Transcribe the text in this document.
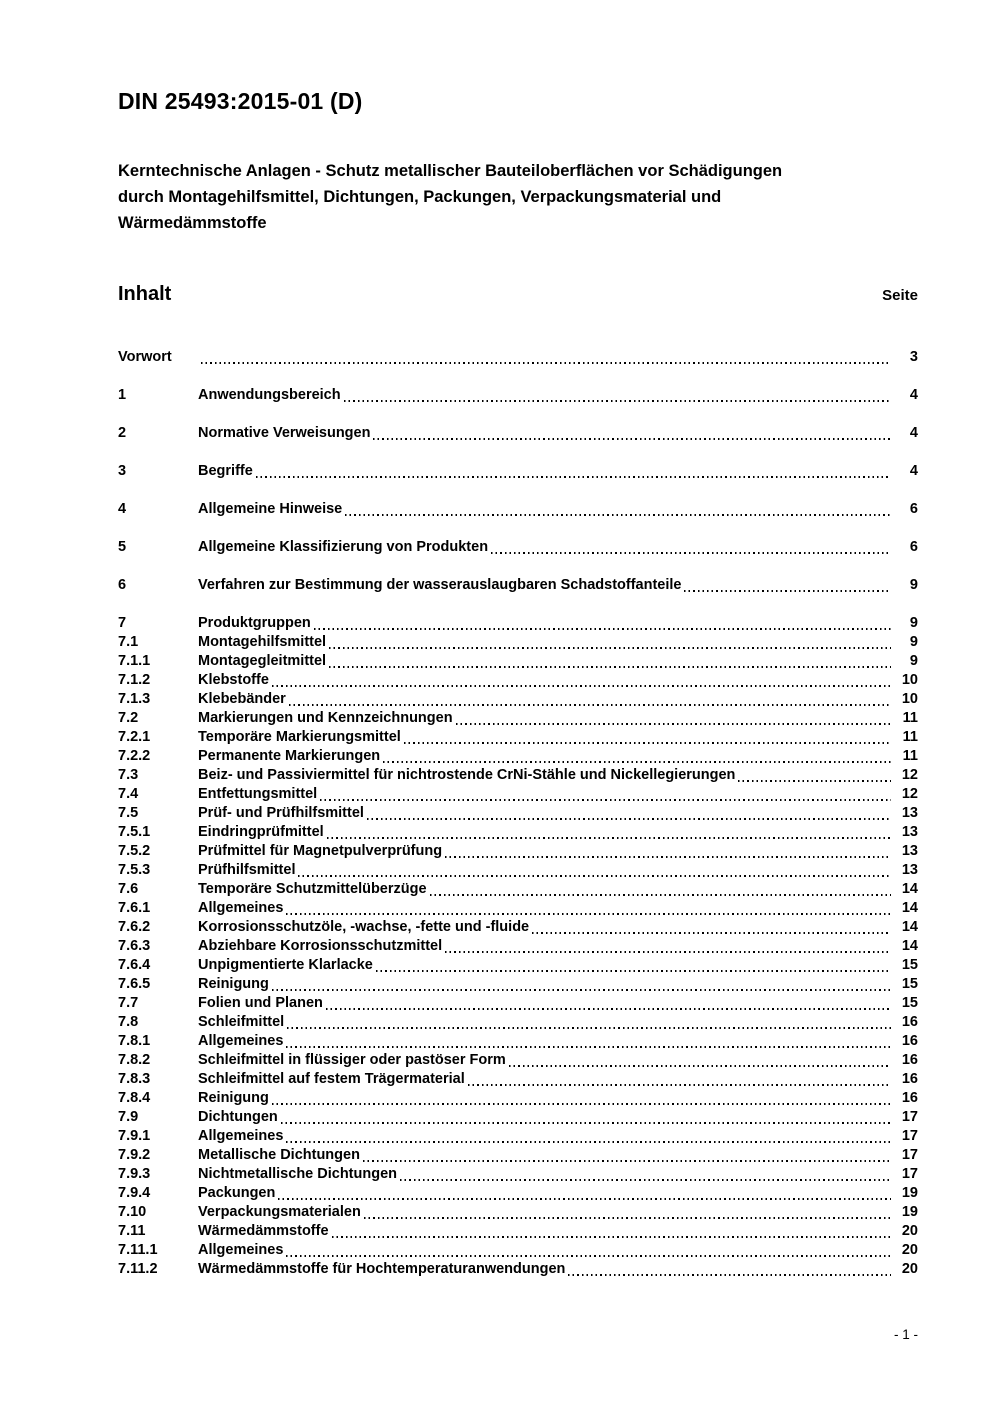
DIN 25493:2015-01 (D)
Kerntechnische Anlagen - Schutz metallischer Bauteiloberflächen vor Schädigungen
durch Montagehilfsmittel, Dichtungen, Packungen, Verpackungsmaterial und
Wärmedämmstoffe
Inhalt	Seite
Vorwort	3
1	Anwendungsbereich	4
2	Normative Verweisungen	4
3	Begriffe	4
4	Allgemeine Hinweise	6
5	Allgemeine Klassifizierung von Produkten	6
6	Verfahren zur Bestimmung der wasserauslaugbaren Schadstoffanteile	9
7	Produktgruppen	9
7.1	Montagehilfsmittel	9
7.1.1	Montagegleitmittel	9
7.1.2	Klebstoffe	10
7.1.3	Klebebänder	10
7.2	Markierungen und Kennzeichnungen	11
7.2.1	Temporäre Markierungsmittel	11
7.2.2	Permanente Markierungen	11
7.3	Beiz- und Passiviermittel für nichtrostende CrNi-Stähle und Nickellegierungen	12
7.4	Entfettungsmittel	12
7.5	Prüf- und Prüfhilfsmittel	13
7.5.1	Eindringprüfmittel	13
7.5.2	Prüfmittel für Magnetpulverprüfung	13
7.5.3	Prüfhilfsmittel	13
7.6	Temporäre Schutzmittelüberzüge	14
7.6.1	Allgemeines	14
7.6.2	Korrosionsschutzöle, -wachse, -fette und -fluide	14
7.6.3	Abziehbare Korrosionsschutzmittel	14
7.6.4	Unpigmentierte Klarlacke	15
7.6.5	Reinigung	15
7.7	Folien und Planen	15
7.8	Schleifmittel	16
7.8.1	Allgemeines	16
7.8.2	Schleifmittel in flüssiger oder pastöser Form	16
7.8.3	Schleifmittel auf festem Trägermaterial	16
7.8.4	Reinigung	16
7.9	Dichtungen	17
7.9.1	Allgemeines	17
7.9.2	Metallische Dichtungen	17
7.9.3	Nichtmetallische Dichtungen	17
7.9.4	Packungen	19
7.10	Verpackungsmaterialen	19
7.11	Wärmedämmstoffe	20
7.11.1	Allgemeines	20
7.11.2	Wärmedämmstoffe für Hochtemperaturanwendungen	20
- 1 -
